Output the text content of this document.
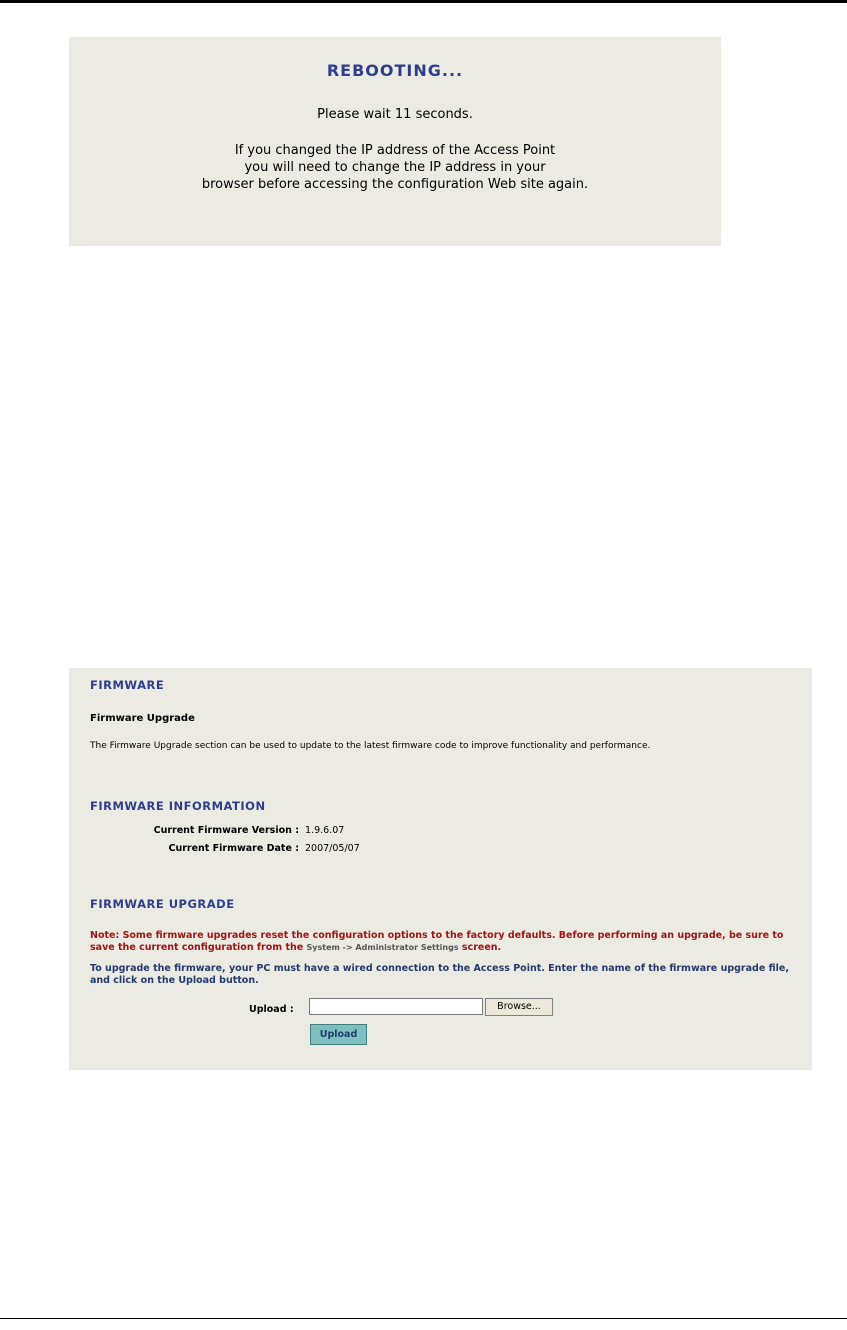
REBOOTING...
Please wait 11 seconds.
If you changed the IP address of the Access Point
you will need to change the IP address in your
browser before accessing the configuration Web site again.
FIRMWARE
Firmware Upgrade
The Firmware Upgrade section can be used to update to the latest firmware code to improve functionality and performance.
FIRMWARE INFORMATION
Current Firmware Version : 1.9.6.07
Current Firmware Date : 2007/05/07
FIRMWARE UPGRADE
Note: Some firmware upgrades reset the configuration options to the factory defaults. Before performing an upgrade, be sure to save the current configuration from the System -> Administrator Settings screen.
To upgrade the firmware, your PC must have a wired connection to the Access Point. Enter the name of the firmware upgrade file, and click on the Upload button.
Upload :	Browse...
Upload
